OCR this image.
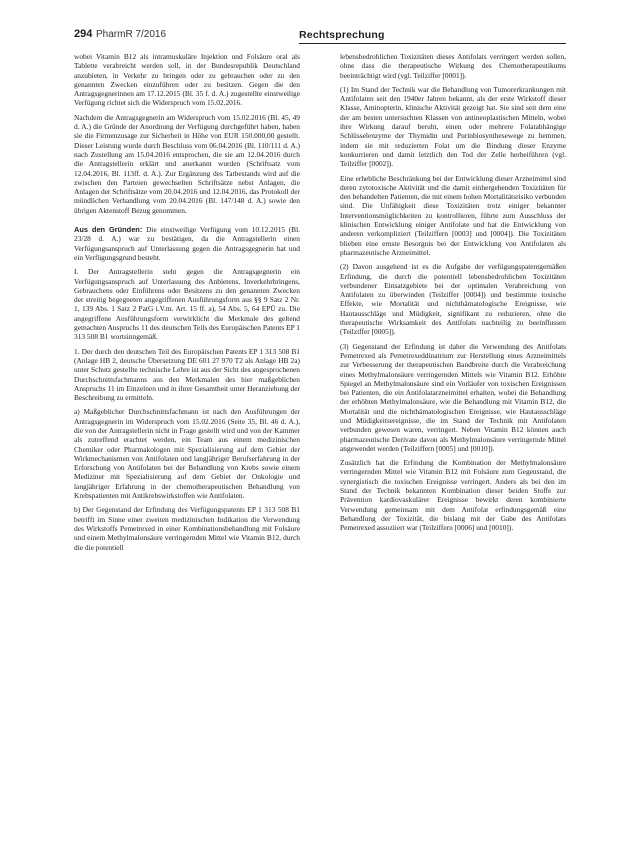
294 PharmR 7/2016	Rechtsprechung

wobei Vitamin B12 als intramuskuläre Injektion und Folsäure oral als Tablette verabreicht werden soll, in der Bundesrepublik Deutschland anzubieten, in Verkehr zu bringen oder zu gebrauchen oder zu den genannten Zwecken einzuführen oder zu besitzen. Gegen die den Antragsgegnerinnen am 17.12.2015 (Bl. 35 f. d. A.) zugestellte einstweilige Verfügung richtet sich die Widerspruch vom 15.02.2016.

Nachdem die Antragsgegnerin am Widerspruch vom 15.02.2016 (Bl. 45, 49 d. A.) die Gründe der Anordnung der Verfügung durchgeführt haben, haben sie die Firmenzusage zur Sicherheit in Höhe von EUR 150.000,00 gestellt. Dieser Leistung wurde durch Beschluss vom 06.04.2016 (Bl. 110/111 d. A.) nach Zustellung am 15.04.2016 entsprochen, die sie am 12.04.2016 durch die Antragstellerin erklärt und anerkannt wurden (Schriftsatz vom 12.04.2016, Bl. 113ff. d. A.). Zur Ergänzung des Tatbestands wird auf die zwischen den Parteien gewechselten Schriftsätze nebst Anlagen, die Anlagen der Schriftsätze vom 20.04.2016 und 12.04.2016, das Protokoll der mündlichen Verhandlung vom 20.04.2016 (Bl. 147/148 d. A.) sowie den übrigen Aktenstoff Bezug genommen.

Aus den Gründen: Die einstweilige Verfügung vom 10.12.2015 (Bl. 23/28 d. A.) war zu bestätigen, da die Antragstellerin einen Verfügungsanspruch auf Unterlassung gegen die Antragsgegnerin hat und ein Verfügungsgrund besteht.

I. Der Antragstellerin steht gegen die Antragsgegnerin ein Verfügungsanspruch auf Unterlassung des Anbietens, Inverkehrbringens, Gebrauchens oder Einführens oder Besitzens zu den genannten Zwecken der streitig begegneten angegriffenen Ausführungsform aus §§ 9 Satz 2 Nr. 1, 139 Abs. 1 Satz 2 PatG i.V.m. Art. 15 ff. a), 54 Abs. 5, 64 EPÜ zu. Die angegriffene Ausführungsform verwirklicht die Merkmale des geltend gemachten Anspruchs 11 des deutschen Teils des Europäischen Patents EP 1 313 508 B1 wortsinngemäß.

1. Der durch den deutschen Teil des Europäischen Patents EP 1 313 508 B1 (Anlage HB 2, deutsche Übersetzung DE 601 27 970 T2 als Anlage HB 2a) unter Schutz gestellte technische Lehre ist aus der Sicht des angesprochenen Durchschnittsfachmanns aus den Merkmalen des hier maßgeblichen Anspruchs 11 im Einzelnen und in ihrer Gesamtheit unter Heranziehung der Beschreibung zu ermitteln.

a) Maßgeblicher Durchschnittsfachmann ist nach den Ausführungen der Antragsgegnerin im Widerspruch vom 15.02.2016 (Seite 35, Bl. 46 d. A.), die von der Antragstellerin nicht in Frage gestellt wird und von der Kammer als zutreffend erachtet werden, ein Team aus einem medizinischen Chemiker oder Pharmakologen mit Spezialisierung auf dem Gebiet der Wirkmechanismen von Antifolaten und langjähriger Berufserfahrung in der Erforschung von Antifolaten bei der Behandlung von Krebs sowie einem Mediziner mit Spezialisierung auf dem Gebiet der Onkologie und langjähriger Erfahrung in der chemotherapeutischen Behandlung von Krebspatienten mit Antikrebswirkstoffen wie Antifolaten.

b) Der Gegenstand der Erfindung des Verfügungspatents EP 1 313 508 B1 betrifft im Sinne einer zweiten medizinischen Indikation die Verwendung des Wirkstoffs Pemetrexed in einer Kombinationsbehandlung mit Folsäure und einem Methylmalonsäure verringernden Mittel wie Vitamin B12, durch die die potentiell

lebensbedrohlichen Toxizitäten dieses Antifolats verringert werden sollen, ohne dass die therapeutische Wirkung des Chemotherapeutikums beeinträchtigt wird (vgl. Teilziffer [0001]).

(1) Im Stand der Technik war die Behandlung von Tumorerkrankungen mit Antifolaten seit den 1940er Jahren bekannt, als der erste Wirkstoff dieser Klasse, Aminopterin, klinische Aktivität gezeigt hat. Sie sind seit dem eine der am besten untersuchten Klassen von antineoplastischen Mitteln, wobei ihre Wirkung darauf beruht, einen oder mehrere Folatabhängige Schlüsselenzyme der Thymidin und Purinbiosynthesewege zu hemmen, indem sie mit reduzierten Folat um die Bindung dieser Enzyme konkurrieren und damit letztlich den Tod der Zelle herbeiführen (vgl. Teilziffer [0002]).

Eine erhebliche Beschränkung bei der Entwicklung dieser Arzneimittel sind deren zytotoxische Aktivität und die damit einhergehenden Toxizitäten für den behandelten Patienten, die mit einem hohen Mortalitätsrisiko verbunden sind. Die Unfähigkeit diese Toxizitäten trotz einiger bekannter Interventionsmöglichkeiten zu kontrollieren, führte zum Ausschluss der klinischen Entwicklung einiger Antifolate und hat die Entwicklung von anderen verkompliziert (Teilziffern [0003] und [0004]). Die Toxizitäten blieben eine ernste Besorgnis bei der Entwicklung von Antifolaten als pharmazeutische Arzneimittel.

(2) Davon ausgehend ist es die Aufgabe der verfügungspatentgemäßen Erfindung, die durch die potentiell lebensbedrohlichen Toxizitäten verbundener Einsatzgebiete bei der optimalen Verabreichung von Antifolaten zu überwinden (Teilziffer [0004]) und bestimmte toxische Effekte, wie Mortalität und nichthämatologische Ereignisse, wie Hautausschläge und Müdigkeit, signifikant zu reduzieren, ohne die therapeutische Wirksamkeit des Antifolats nachteilig zu beeinflussen (Teilziffer [0005]).

(3) Gegenstand der Erfindung ist daher die Verwendung des Antifolats Pemetrexed als Pemetrexeddinatrium zur Herstellung eines Arzneimittels zur Verbesserung der therapeutischen Bandbreite durch die Verabreichung eines Methylmalonsäure verringernden Mittels wie Vitamin B12. Erhöhte Spiegel an Methylmalonsäure sind ein Vorläufer von toxischen Ereignissen bei Patienten, die ein Antifolatarzneimittel erhalten, wobei die Behandlung der erhöhten Methylmalonsäure, wie die Behandlung mit Vitamin B12, die Mortalität und die nichthämatologischen Ereignisse, wie Hautausschläge und Müdigkeitsereignisse, die im Stand der Technik mit Antifolaten verbunden gewesen waren, verringert. Neben Vitamin B12 können auch pharmazeutische Derivate davon als Methylmalonsäure verringernde Mittel angewendet werden (Teilziffern [0005] und [0010]).

Zusätzlich hat die Erfindung die Kombination der Methylmalonsäure verringernden Mittel wie Vitamin B12 mit Folsäure zum Gegenstand, die synergistisch die toxischen Ereignisse verringert. Anders als bei den im Stand der Technik bekannten Kombination dieser beiden Stoffe zur Prävention kardiovaskulärer Ereignisse bewirkt deren kombinierte Verwendung gemeinsam mit dem Antifolat erfindungsgemäß eine Behandlung der Toxizität, die bislang mit der Gabe des Antifolats Pemetrexed assoziiert war (Teilziffern [0006] und [0010]).
